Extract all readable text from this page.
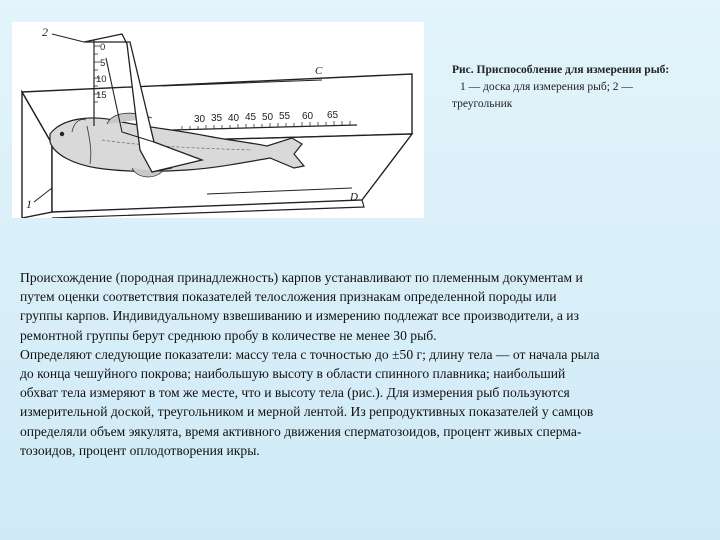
30 35 40 45 50 55 60 65
0
5
10
15
2
1
С
D
Рис. Приспособление для измерения рыб:
1 — доска для измерения рыб; 2 — треугольник

Происхождение (породная принадлежность) карпов устанавливают по племенным документам и

путем оценки соответствия показателей телосложения признакам определенной породы или

группы карпов. Индивидуальному взвешиванию и измерению подлежат все производители, а из

ремонтной группы берут среднюю пробу в количестве не менее 30 рыб.

Определяют следующие показатели: массу тела с точностью до ±50 г; длину тела — от начала рыла

до конца чешуйного покрова; наибольшую высоту в области спинного плавника; наибольший

обхват тела измеряют в том же месте, что и высоту тела (рис.). Для измерения рыб пользуются

измерительной доской, треугольником и мерной лентой. Из репродуктивных показателей у самцов

определяли объем эякулята, время активного движения сперматозоидов, процент живых сперма-

тозоидов, процент оплодотворения икры.
